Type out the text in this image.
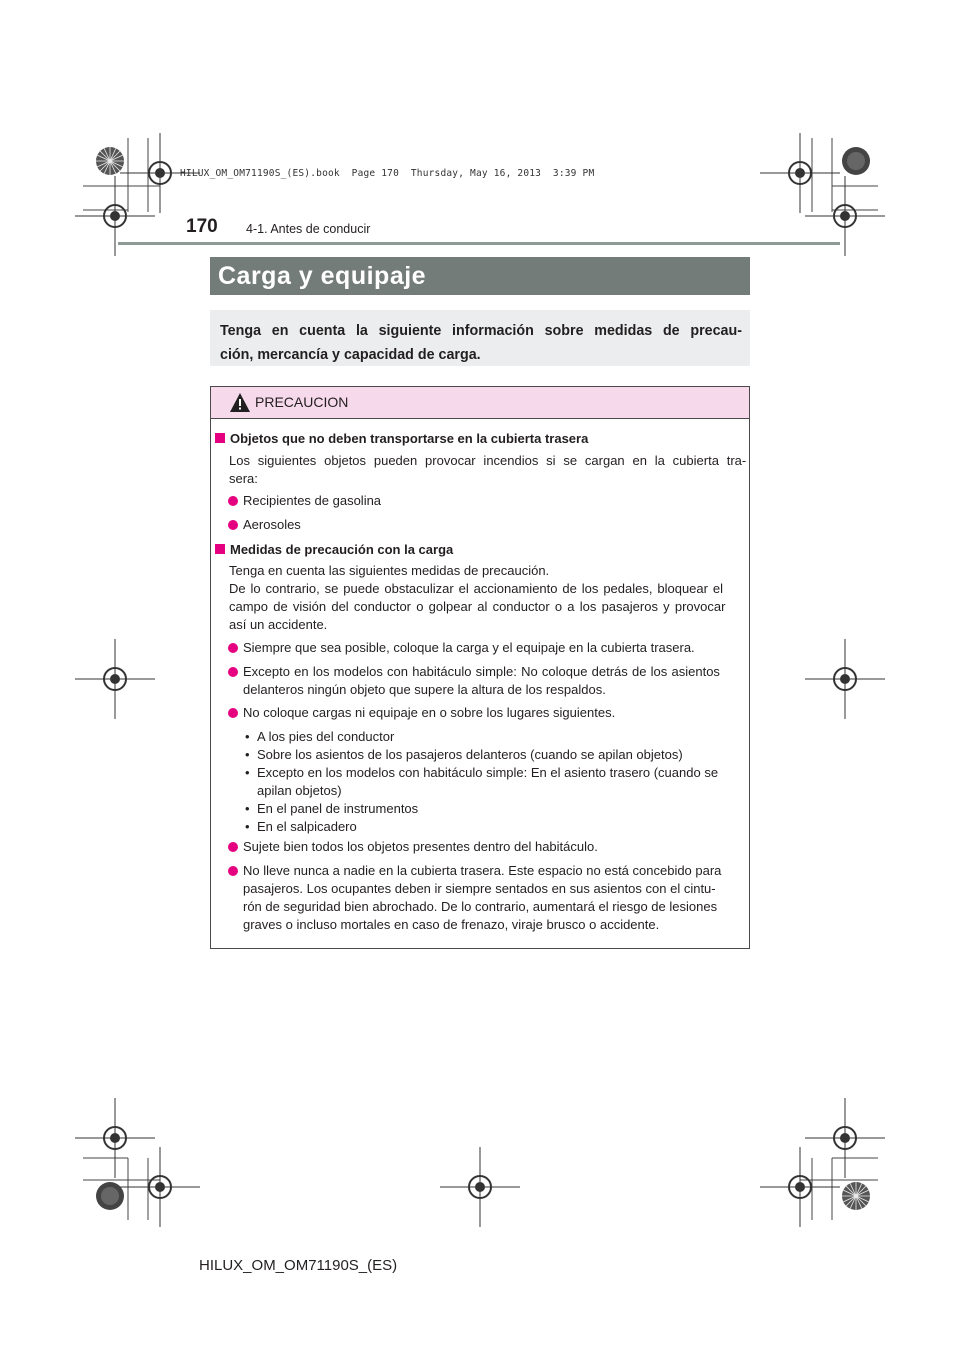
HILUX_OM_OM71190S_(ES).book  Page 170  Thursday, May 16, 2013  3:39 PM
170 4-1. Antes de conducir
Carga y equipaje
Tenga en cuenta la siguiente información sobre medidas de precau-
ción, mercancía y capacidad de carga.
PRECAUCION
Objetos que no deben transportarse en la cubierta trasera
Los siguientes objetos pueden provocar incendios si se cargan en la cubierta tra-
sera:
Recipientes de gasolina
Aerosoles
Medidas de precaución con la carga
Tenga en cuenta las siguientes medidas de precaución.
De lo contrario, se puede obstaculizar el accionamiento de los pedales, bloquear el
campo de visión del conductor o golpear al conductor o a los pasajeros y provocar
así un accidente.
Siempre que sea posible, coloque la carga y el equipaje en la cubierta trasera.
Excepto en los modelos con habitáculo simple: No coloque detrás de los asientos
delanteros ningún objeto que supere la altura de los respaldos.
No coloque cargas ni equipaje en o sobre los lugares siguientes.
• A los pies del conductor
• Sobre los asientos de los pasajeros delanteros (cuando se apilan objetos)
• Excepto en los modelos con habitáculo simple: En el asiento trasero (cuando se
apilan objetos)
• En el panel de instrumentos
• En el salpicadero
Sujete bien todos los objetos presentes dentro del habitáculo.
No lleve nunca a nadie en la cubierta trasera. Este espacio no está concebido para
pasajeros. Los ocupantes deben ir siempre sentados en sus asientos con el cintu-
rón de seguridad bien abrochado. De lo contrario, aumentará el riesgo de lesiones
graves o incluso mortales en caso de frenazo, viraje brusco o accidente.
HILUX_OM_OM71190S_(ES)
